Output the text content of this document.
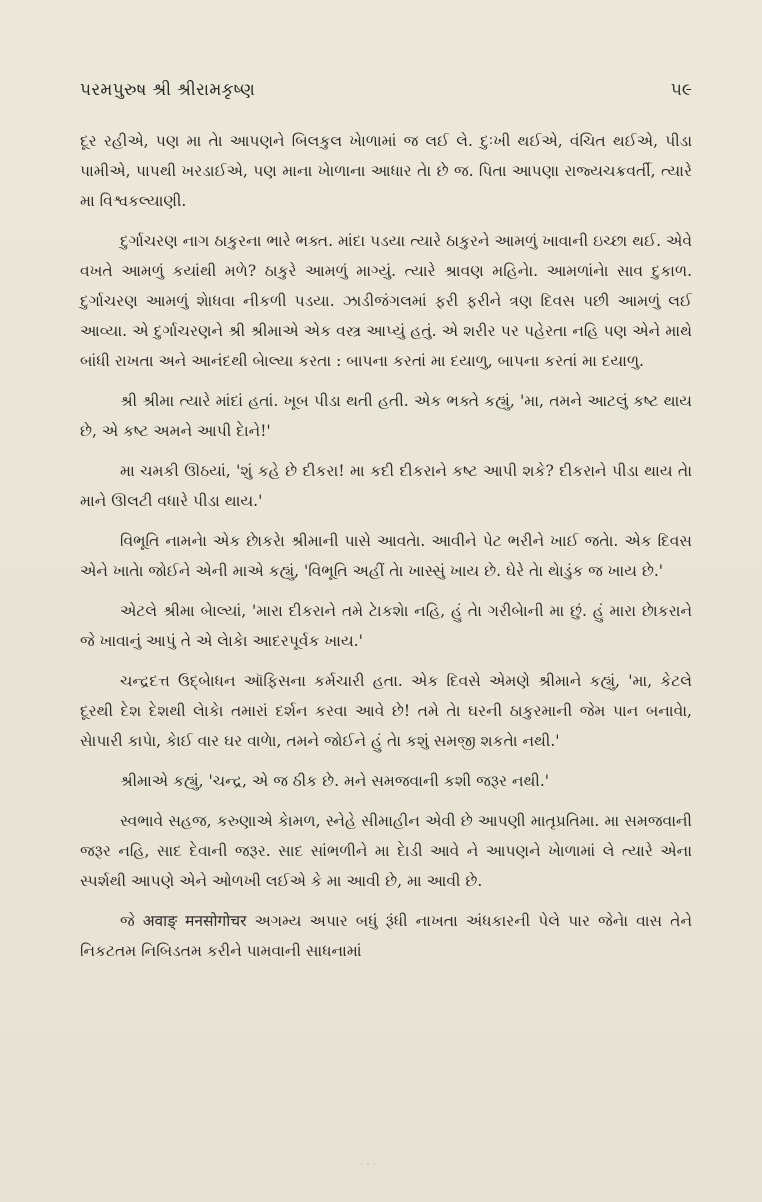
પરમપુરુષ શ્રી શ્રીરામકૃષ્ણ	૫૯

દૂર રહીએ, પણ મા તેા આપણને બિલકુલ ખેાળામાં જ લઈ લે. દુઃખી થઈએ, વંચિત થઈએ, પીડા પામીએ, પાપથી ખરડાઈએ, પણ માના ખેાળાના આધાર તેા છે જ. પિતા આપણા રાજ્યચક્રવર્તી, ત્યારે મા વિશ્વકલ્યાણી.

દુર્ગાચરણ નાગ ઠાકુરના ભારે ભક્ત. માંદા પડયા ત્યારે ઠાકુરને આમળું ખાવાની ઇચ્છા થઈ. એવે વખતે આમળું કયાંથી મળે? ઠાકુરે આમળું માગ્યું. ત્યારે શ્રાવણ મહિનેા. આમળાંનેા સાવ દુકાળ. દુર્ગાચરણ આમળું શેાધવા નીકળી પડયા. ઝાડીજંગલમાં ફરી ફરીને ત્રણ દિવસ પછી આમળું લઈ આવ્યા. એ દુર્ગાચરણને શ્રી શ્રીમાએ એક વસ્ત્ર આપ્યું હતું. એ શરીર પર પહેરતા નહિ પણ એને માથે બાંધી રાખતા અને આનંદથી બેાલ્યા કરતા : બાપના કરતાં મા દયાળુ, બાપના કરતાં મા દયાળુ.

શ્રી શ્રીમા ત્યારે માંદાં હતાં. ખૂબ પીડા થતી હતી. એક ભક્તે કહ્યું, 'મા, તમને આટલું કષ્ટ થાય છે, એ કષ્ટ અમને આપી દેાને!'

મા ચમકી ઊઠયાં, 'શું કહે છે દીકરા! મા કદી દીકરાને કષ્ટ આપી શકે? દીકરાને પીડા થાય તેા માને ઊલટી વધારે પીડા થાય.'

વિભૂતિ નામનેા એક છેાકરેા શ્રીમાની પાસે આવતેા. આવીને પેટ ભરીને ખાઈ જતેા. એક દિવસ એને ખાતેા જોઈને એની માએ કહ્યું, 'વિભૂતિ અહીં તેા ખાસ્સું ખાય છે. ઘેરે તેા થેાડુંક જ ખાય છે.'

એટલે શ્રીમા બેાલ્યાં, 'મારા દીકરાને તમે ટેાકશેા નહિ, હું તેા ગરીબેાની મા છું. હું મારા છેાકરાને જે ખાવાનું આપું તે એ લેાકેા આદરપૂર્વક ખાય.'

ચન્દ્રદત્ત ઉદ્બેાધન ઑફિસના કર્મચારી હતા. એક દિવસે એમણે શ્રીમાને કહ્યું, 'મા, કેટલે દૂરથી દેશ દેશથી લેાકેા તમારાં દર્શન કરવા આવે છે! તમે તેા ઘરની ઠાકુરમાની જેમ પાન બનાવેા, સેાપારી કાપેા, કેાઈ વાર ઘર વાળેા, તમને જોઈને હું તેા કશું સમજી શકતેા નથી.'

શ્રીમાએ કહ્યું, 'ચન્દ્ર, એ જ ઠીક છે. મને સમજવાની કશી જરૂર નથી.'

સ્વભાવે સહજ, કરુણાએ કેામળ, સ્નેહે સીમાહીન એવી છે આપણી માતૃપ્રતિમા. મા સમજવાની જરૂર નહિ, સાદ દેવાની જરૂર. સાદ સાંભળીને મા દેાડી આવે ને આપણને ખેાળામાં લે ત્યારે એના સ્પર્શથી આપણે એને ઓળખી લઈએ કે મા આવી છે, મા આવી છે.

જે अवाङ् मनसोगोचर અગમ્ય અપાર બધું રૂંધી નાખતા અંધકારની પેલે પાર જેનેા વાસ તેને નિકટતમ નિબિડતમ કરીને પામવાની સાધનામાં

· · ·
